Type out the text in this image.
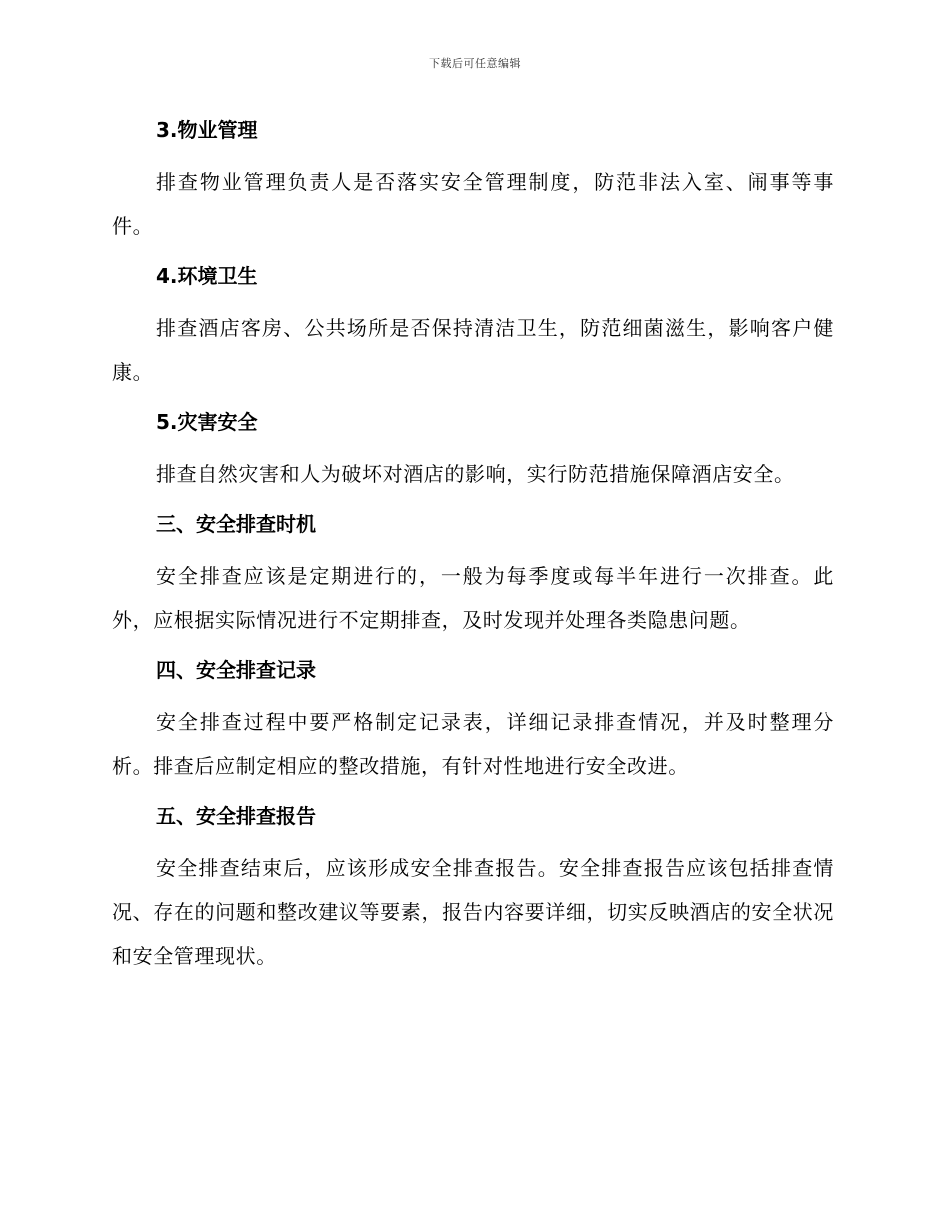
下载后可任意编辑
3.物业管理

排查物业管理负责人是否落实安全管理制度，防范非法入室、闹事等事件。

4.环境卫生

排查酒店客房、公共场所是否保持清洁卫生，防范细菌滋生，影响客户健康。

5.灾害安全

排查自然灾害和人为破坏对酒店的影响，实行防范措施保障酒店安全。

三、安全排查时机

安全排查应该是定期进行的，一般为每季度或每半年进行一次排查。此外，应根据实际情况进行不定期排查，及时发现并处理各类隐患问题。

四、安全排查记录

安全排查过程中要严格制定记录表，详细记录排查情况，并及时整理分析。排查后应制定相应的整改措施，有针对性地进行安全改进。

五、安全排查报告

安全排查结束后，应该形成安全排查报告。安全排查报告应该包括排查情况、存在的问题和整改建议等要素，报告内容要详细，切实反映酒店的安全状况和安全管理现状。
